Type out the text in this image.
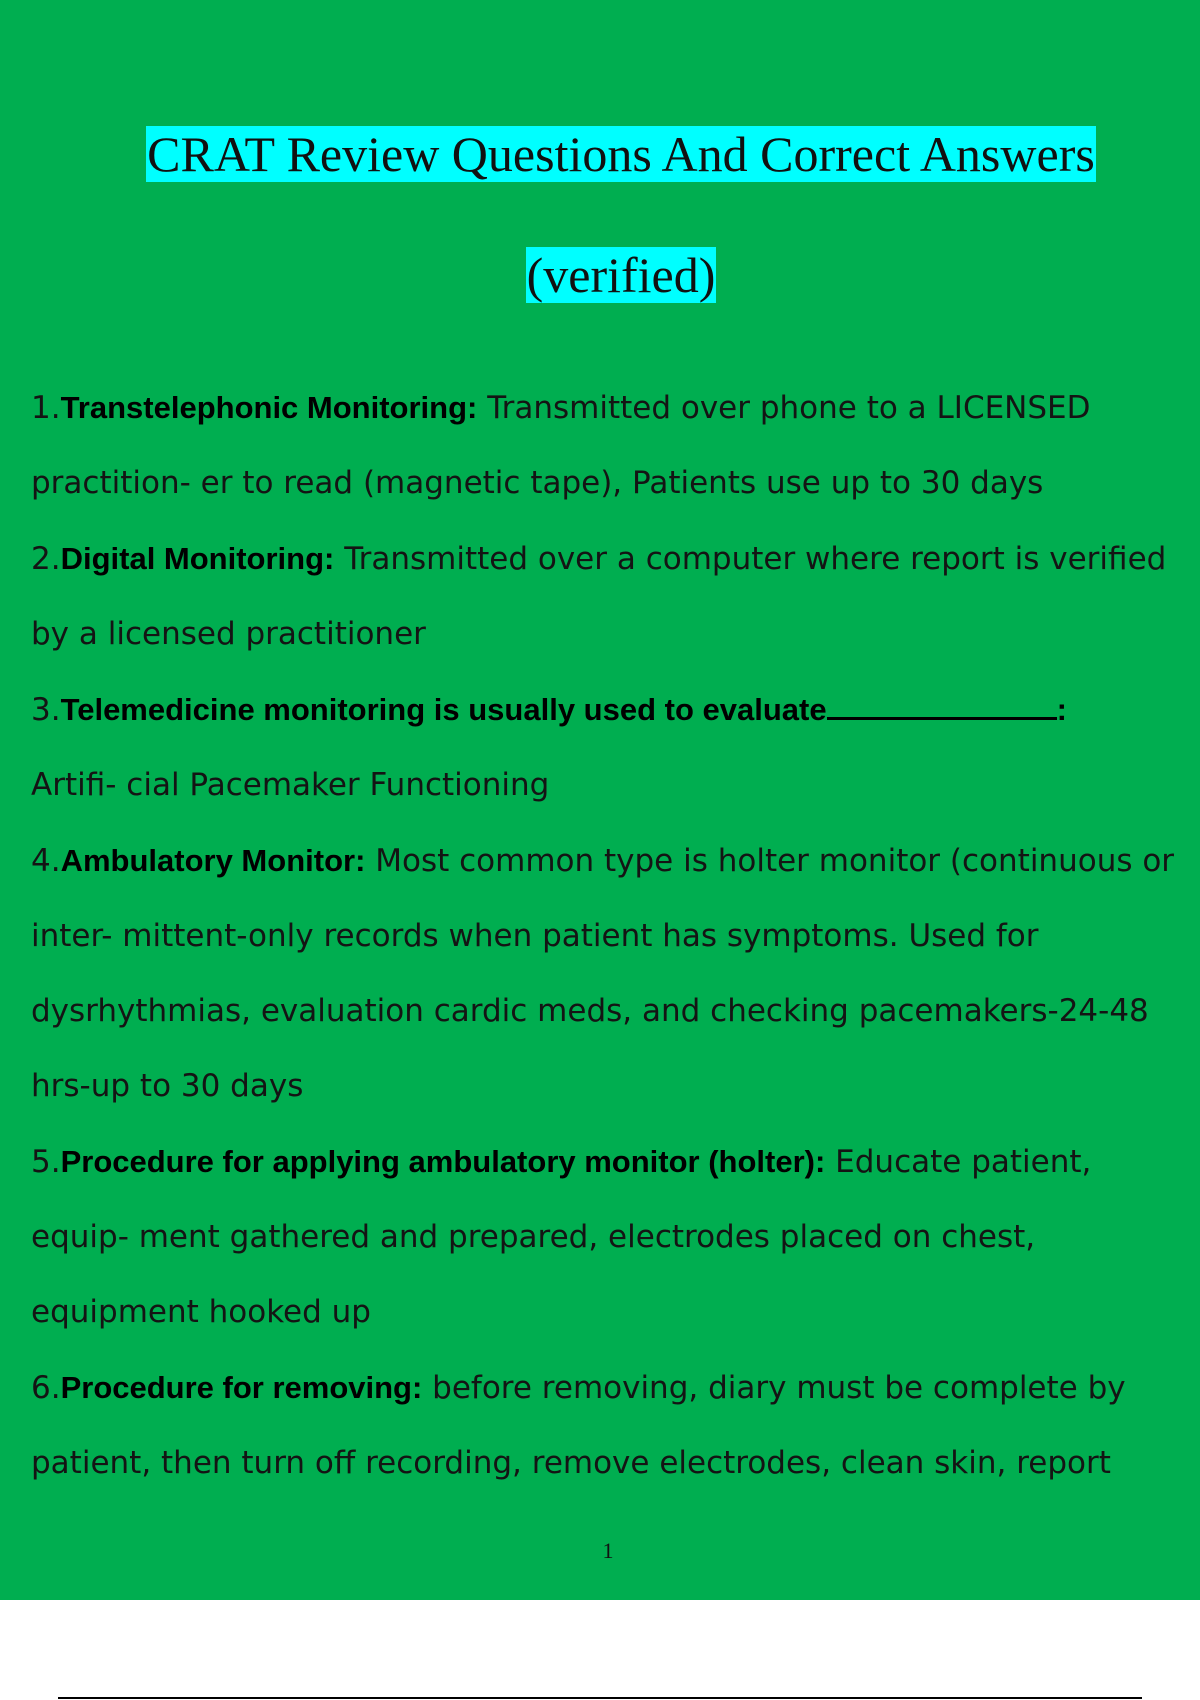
CRAT Review Questions And Correct Answers
(verified)
1.Transtelephonic Monitoring: Transmitted over phone to a LICENSED practition- er to read (magnetic tape), Patients use up to 30 days
2.Digital Monitoring: Transmitted over a computer where report is verified by a licensed practitioner
3.Telemedicine monitoring is usually used to evaluate	:
Artifi- cial Pacemaker Functioning
4.Ambulatory Monitor: Most common type is holter monitor (continuous or inter- mittent-only records when patient has symptoms. Used for dysrhythmias, evaluation cardic meds, and checking pacemakers-24-48 hrs-up to 30 days
5.Procedure for applying ambulatory monitor (holter): Educate patient, equip- ment gathered and prepared, electrodes placed on chest, equipment hooked up
6.Procedure for removing: before removing, diary must be complete by patient, then turn off recording, remove electrodes, clean skin, report
1
